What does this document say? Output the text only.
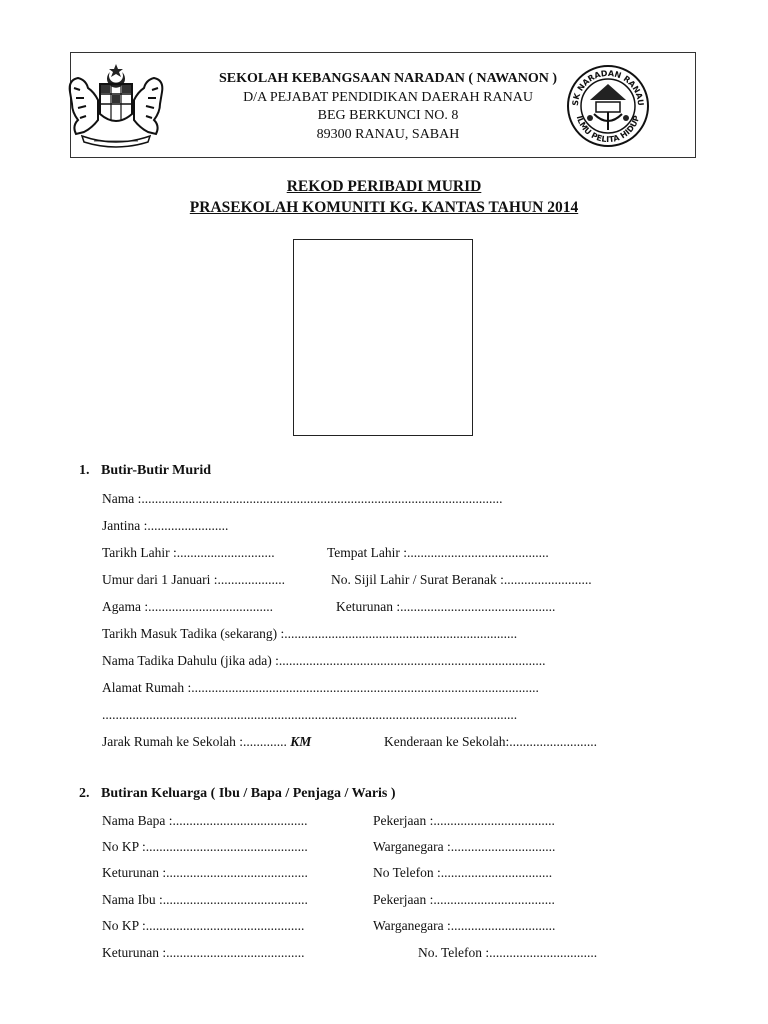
SEKOLAH KEBANGSAAN NARADAN ( NAWANON )
D/A PEJABAT PENDIDIKAN DAERAH RANAU
BEG BERKUNCI NO. 8
89300 RANAU, SABAH
SK NARADAN RANAU
ILMU PELITA HIDUP
REKOD PERIBADI MURID
PRASEKOLAH KOMUNITI KG. KANTAS TAHUN 2014
1. Butir-Butir Murid
Nama :...........................................................................................................
Jantina :........................
Tarikh Lahir :.............................	Tempat Lahir :..........................................
Umur dari 1 Januari :....................	No. Sijil Lahir / Surat Beranak :..........................
Agama :.....................................	Keturunan :..............................................
Tarikh Masuk Tadika (sekarang) :.....................................................................
Nama Tadika Dahulu (jika ada) :...............................................................................
Alamat Rumah :.......................................................................................................
...........................................................................................................................
Jarak Rumah ke Sekolah :............. KM	Kenderaan ke Sekolah:..........................
2. Butiran Keluarga ( Ibu / Bapa / Penjaga / Waris )
Nama Bapa :........................................	Pekerjaan :....................................
No KP :................................................	Warganegara :...............................
Keturunan :..........................................	No Telefon :.................................
Nama Ibu :...........................................	Pekerjaan :....................................
No KP :...............................................	Warganegara :...............................
Keturunan :.........................................	No. Telefon :................................
